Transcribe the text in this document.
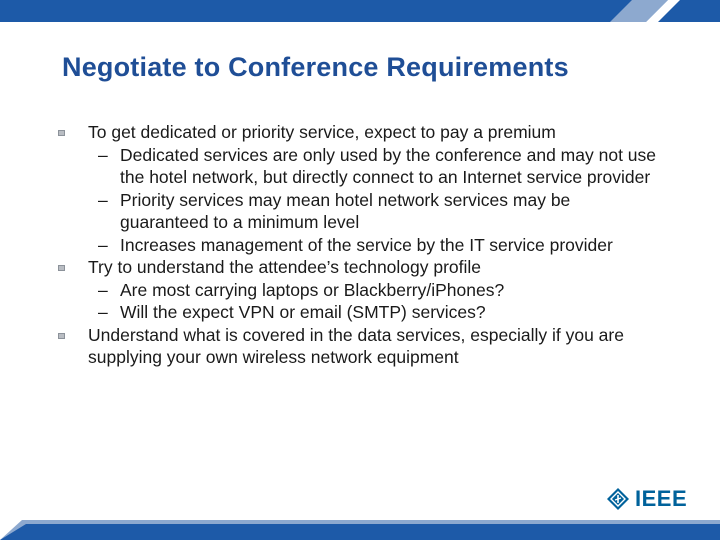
Negotiate to Conference Requirements
To get dedicated or priority service, expect to pay a premium
– Dedicated services are only used by the conference and may not use the hotel network, but directly connect to an Internet service provider
– Priority services may mean hotel network services may be guaranteed to a minimum level
– Increases management of the service by the IT service provider
Try to understand the attendee’s technology profile
– Are most carrying laptops or Blackberry/iPhones?
– Will the expect VPN or email (SMTP) services?
Understand what is covered in the data services, especially if you are supplying your own wireless network equipment
IEEE
